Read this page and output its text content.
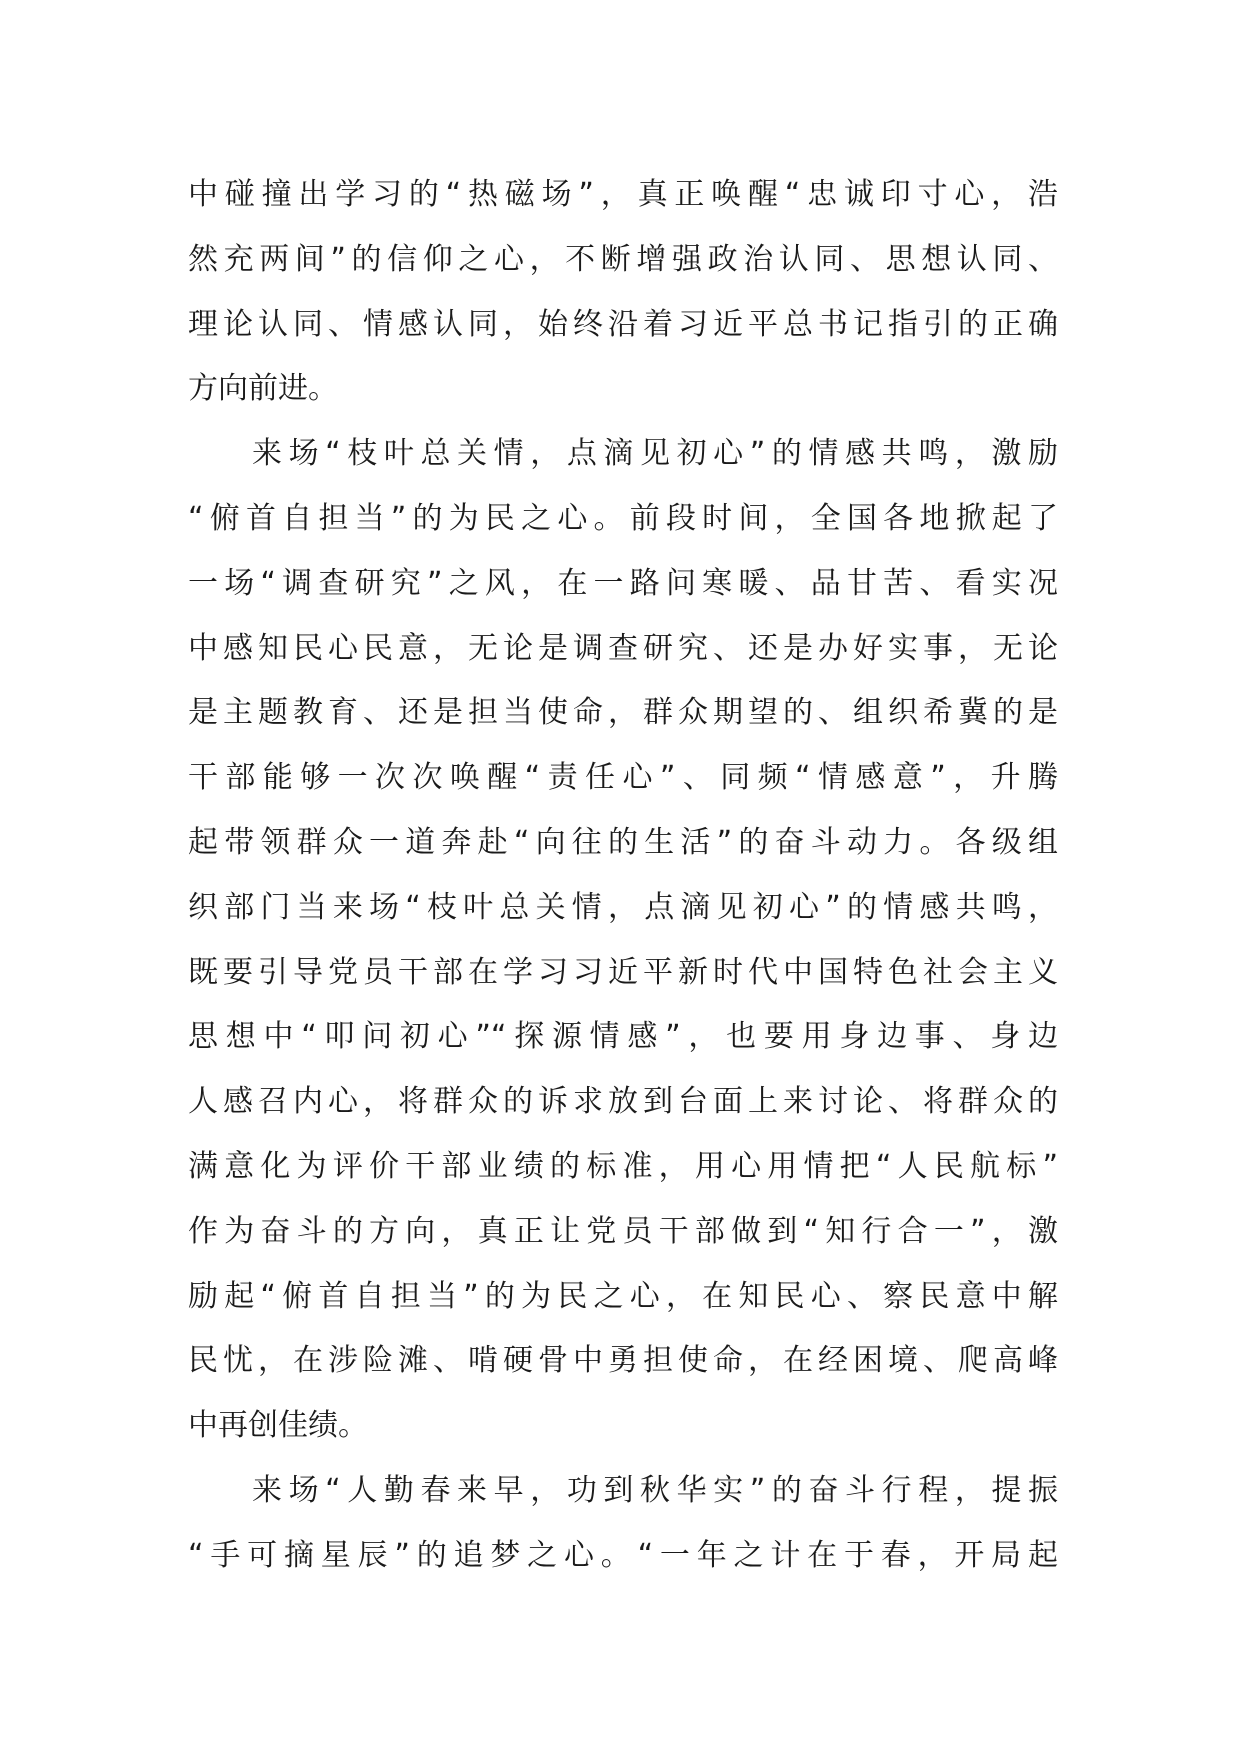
中碰撞出学习的“热磁场”，真正唤醒“忠诚印寸心，浩
然充两间”的信仰之心，不断增强政治认同、思想认同、
理论认同、情感认同，始终沿着习近平总书记指引的正确
方向前进。
来场“枝叶总关情，点滴见初心”的情感共鸣，激励
“俯首自担当”的为民之心。前段时间，全国各地掀起了
一场“调查研究”之风，在一路问寒暖、品甘苦、看实况
中感知民心民意，无论是调查研究、还是办好实事，无论
是主题教育、还是担当使命，群众期望的、组织希冀的是
干部能够一次次唤醒“责任心”、同频“情感意”，升腾
起带领群众一道奔赴“向往的生活”的奋斗动力。各级组
织部门当来场“枝叶总关情，点滴见初心”的情感共鸣，
既要引导党员干部在学习习近平新时代中国特色社会主义
思想中“叩问初心”“探源情感”，也要用身边事、身边
人感召内心，将群众的诉求放到台面上来讨论、将群众的
满意化为评价干部业绩的标准，用心用情把“人民航标”
作为奋斗的方向，真正让党员干部做到“知行合一”，激
励起“俯首自担当”的为民之心，在知民心、察民意中解
民忧，在涉险滩、啃硬骨中勇担使命，在经困境、爬高峰
中再创佳绩。
来场“人勤春来早，功到秋华实”的奋斗行程，提振
“手可摘星辰”的追梦之心。“一年之计在于春，开局起
